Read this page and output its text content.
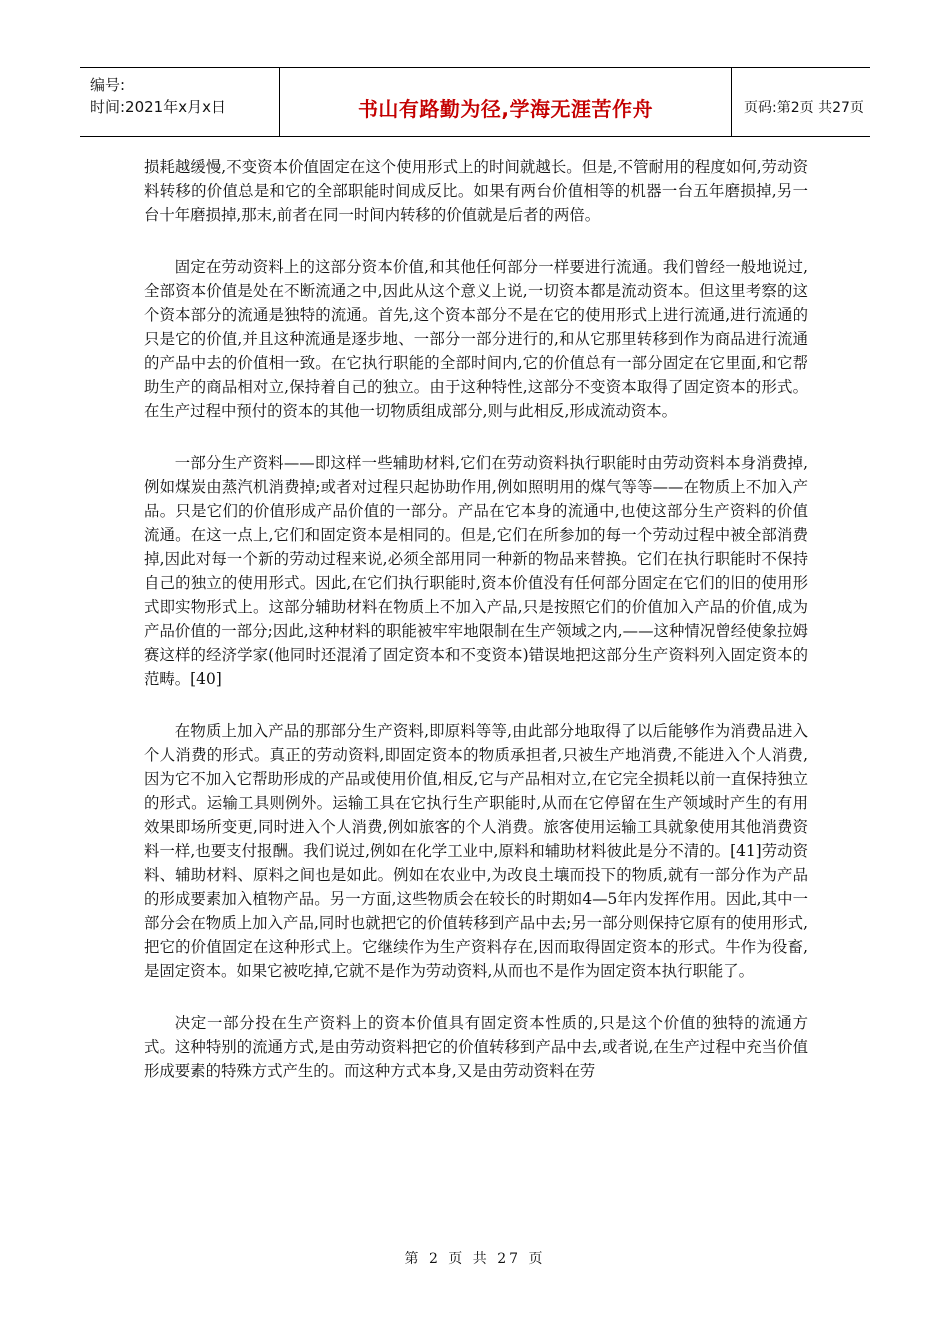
编号:
时间:2021年x月x日	书山有路勤为径,学海无涯苦作舟	页码:第2页 共27页

损耗越缓慢,不变资本价值固定在这个使用形式上的时间就越长。但是,不管耐用的程度如何,劳动资料转移的价值总是和它的全部职能时间成反比。如果有两台价值相等的机器一台五年磨损掉,另一台十年磨损掉,那末,前者在同一时间内转移的价值就是后者的两倍。

固定在劳动资料上的这部分资本价值,和其他任何部分一样要进行流通。我们曾经一般地说过,全部资本价值是处在不断流通之中,因此从这个意义上说,一切资本都是流动资本。但这里考察的这个资本部分的流通是独特的流通。首先,这个资本部分不是在它的使用形式上进行流通,进行流通的只是它的价值,并且这种流通是逐步地、一部分一部分进行的,和从它那里转移到作为商品进行流通的产品中去的价值相一致。在它执行职能的全部时间内,它的价值总有一部分固定在它里面,和它帮助生产的商品相对立,保持着自己的独立。由于这种特性,这部分不变资本取得了固定资本的形式。在生产过程中预付的资本的其他一切物质组成部分,则与此相反,形成流动资本。

一部分生产资料——即这样一些辅助材料,它们在劳动资料执行职能时由劳动资料本身消费掉,例如煤炭由蒸汽机消费掉;或者对过程只起协助作用,例如照明用的煤气等等——在物质上不加入产品。只是它们的价值形成产品价值的一部分。产品在它本身的流通中,也使这部分生产资料的价值流通。在这一点上,它们和固定资本是相同的。但是,它们在所参加的每一个劳动过程中被全部消费掉,因此对每一个新的劳动过程来说,必须全部用同一种新的物品来替换。它们在执行职能时不保持自己的独立的使用形式。因此,在它们执行职能时,资本价值没有任何部分固定在它们的旧的使用形式即实物形式上。这部分辅助材料在物质上不加入产品,只是按照它们的价值加入产品的价值,成为产品价值的一部分;因此,这种材料的职能被牢牢地限制在生产领域之内,——这种情况曾经使象拉姆赛这样的经济学家(他同时还混淆了固定资本和不变资本)错误地把这部分生产资料列入固定资本的范畴。[40]

在物质上加入产品的那部分生产资料,即原料等等,由此部分地取得了以后能够作为消费品进入个人消费的形式。真正的劳动资料,即固定资本的物质承担者,只被生产地消费,不能进入个人消费,因为它不加入它帮助形成的产品或使用价值,相反,它与产品相对立,在它完全损耗以前一直保持独立的形式。运输工具则例外。运输工具在它执行生产职能时,从而在它停留在生产领域时产生的有用效果即场所变更,同时进入个人消费,例如旅客的个人消费。旅客使用运输工具就象使用其他消费资料一样,也要支付报酬。我们说过,例如在化学工业中,原料和辅助材料彼此是分不清的。[41]劳动资料、辅助材料、原料之间也是如此。例如在农业中,为改良土壤而投下的物质,就有一部分作为产品的形成要素加入植物产品。另一方面,这些物质会在较长的时期如4—5年内发挥作用。因此,其中一部分会在物质上加入产品,同时也就把它的价值转移到产品中去;另一部分则保持它原有的使用形式,把它的价值固定在这种形式上。它继续作为生产资料存在,因而取得固定资本的形式。牛作为役畜,是固定资本。如果它被吃掉,它就不是作为劳动资料,从而也不是作为固定资本执行职能了。

决定一部分投在生产资料上的资本价值具有固定资本性质的,只是这个价值的独特的流通方式。这种特别的流通方式,是由劳动资料把它的价值转移到产品中去,或者说,在生产过程中充当价值形成要素的特殊方式产生的。而这种方式本身,又是由劳动资料在劳

第 2 页 共 27 页
